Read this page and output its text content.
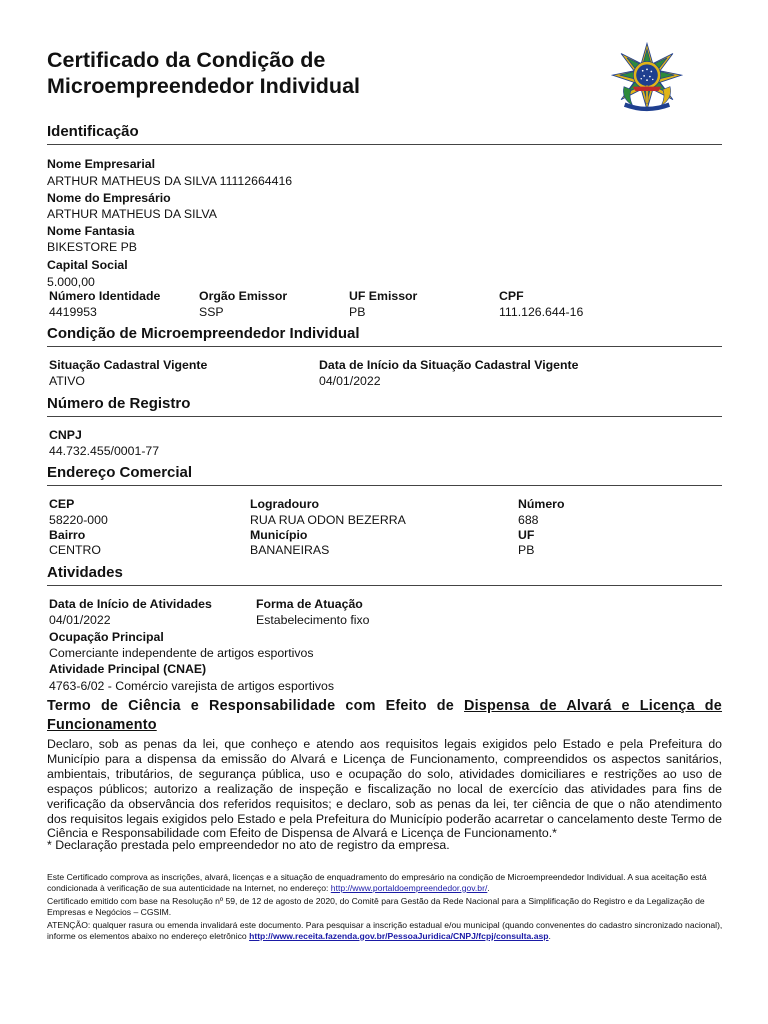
Certificado da Condição de
Microempreendedor Individual
Identificação
Nome Empresarial
ARTHUR MATHEUS DA SILVA 11112664416
Nome do Empresário
ARTHUR MATHEUS DA SILVA
Nome Fantasia
BIKESTORE PB
Capital Social
5.000,00
Número Identidade
4419953
Orgão Emissor
SSP
UF Emissor
PB
CPF
111.126.644-16
Condição de Microempreendedor Individual
Situação Cadastral Vigente
ATIVO
Data de Início da Situação Cadastral Vigente
04/01/2022
Número de Registro
CNPJ
44.732.455/0001-77
Endereço Comercial
CEP
58220-000
Logradouro
RUA RUA ODON BEZERRA
Número
688
Bairro
CENTRO
Município
BANANEIRAS
UF
PB
Atividades
Data de Início de Atividades
04/01/2022
Forma de Atuação
Estabelecimento fixo
Ocupação Principal
Comerciante independente de artigos esportivos
Atividade Principal (CNAE)
4763-6/02 - Comércio varejista de artigos esportivos
Termo de Ciência e Responsabilidade com Efeito de Dispensa de Alvará e Licença de Funcionamento

Declaro, sob as penas da lei, que conheço e atendo aos requisitos legais exigidos pelo Estado e pela Prefeitura do Município para a dispensa da emissão do Alvará e Licença de Funcionamento, compreendidos os aspectos sanitários, ambientais, tributários, de segurança pública, uso e ocupação do solo, atividades domiciliares e restrições ao uso de espaços públicos; autorizo a realização de inspeção e fiscalização no local de exercício das atividades para fins de verificação da observância dos referidos requisitos; e declaro, sob as penas da lei, ter ciência de que o não atendimento dos requisitos legais exigidos pelo Estado e pela Prefeitura do Município poderão acarretar o cancelamento deste Termo de Ciência e Responsabilidade com Efeito de Dispensa de Alvará e Licença de Funcionamento.*

* Declaração prestada pelo empreendedor no ato de registro da empresa.

Este Certificado comprova as inscrições, alvará, licenças e a situação de enquadramento do empresário na condição de Microempreendedor Individual. A sua aceitação está condicionada à verificação de sua autenticidade na Internet, no endereço: http://www.portaldoempreendedor.gov.br/.

Certificado emitido com base na Resolução nº 59, de 12 de agosto de 2020, do Comitê para Gestão da Rede Nacional para a Simplificação do Registro e da Legalização de Empresas e Negócios – CGSIM.

ATENÇÃO: qualquer rasura ou emenda invalidará este documento. Para pesquisar a inscrição estadual e/ou municipal (quando convenentes do cadastro sincronizado nacional), informe os elementos abaixo no endereço eletrônico http://www.receita.fazenda.gov.br/PessoaJuridica/CNPJ/fcpj/consulta.asp.
